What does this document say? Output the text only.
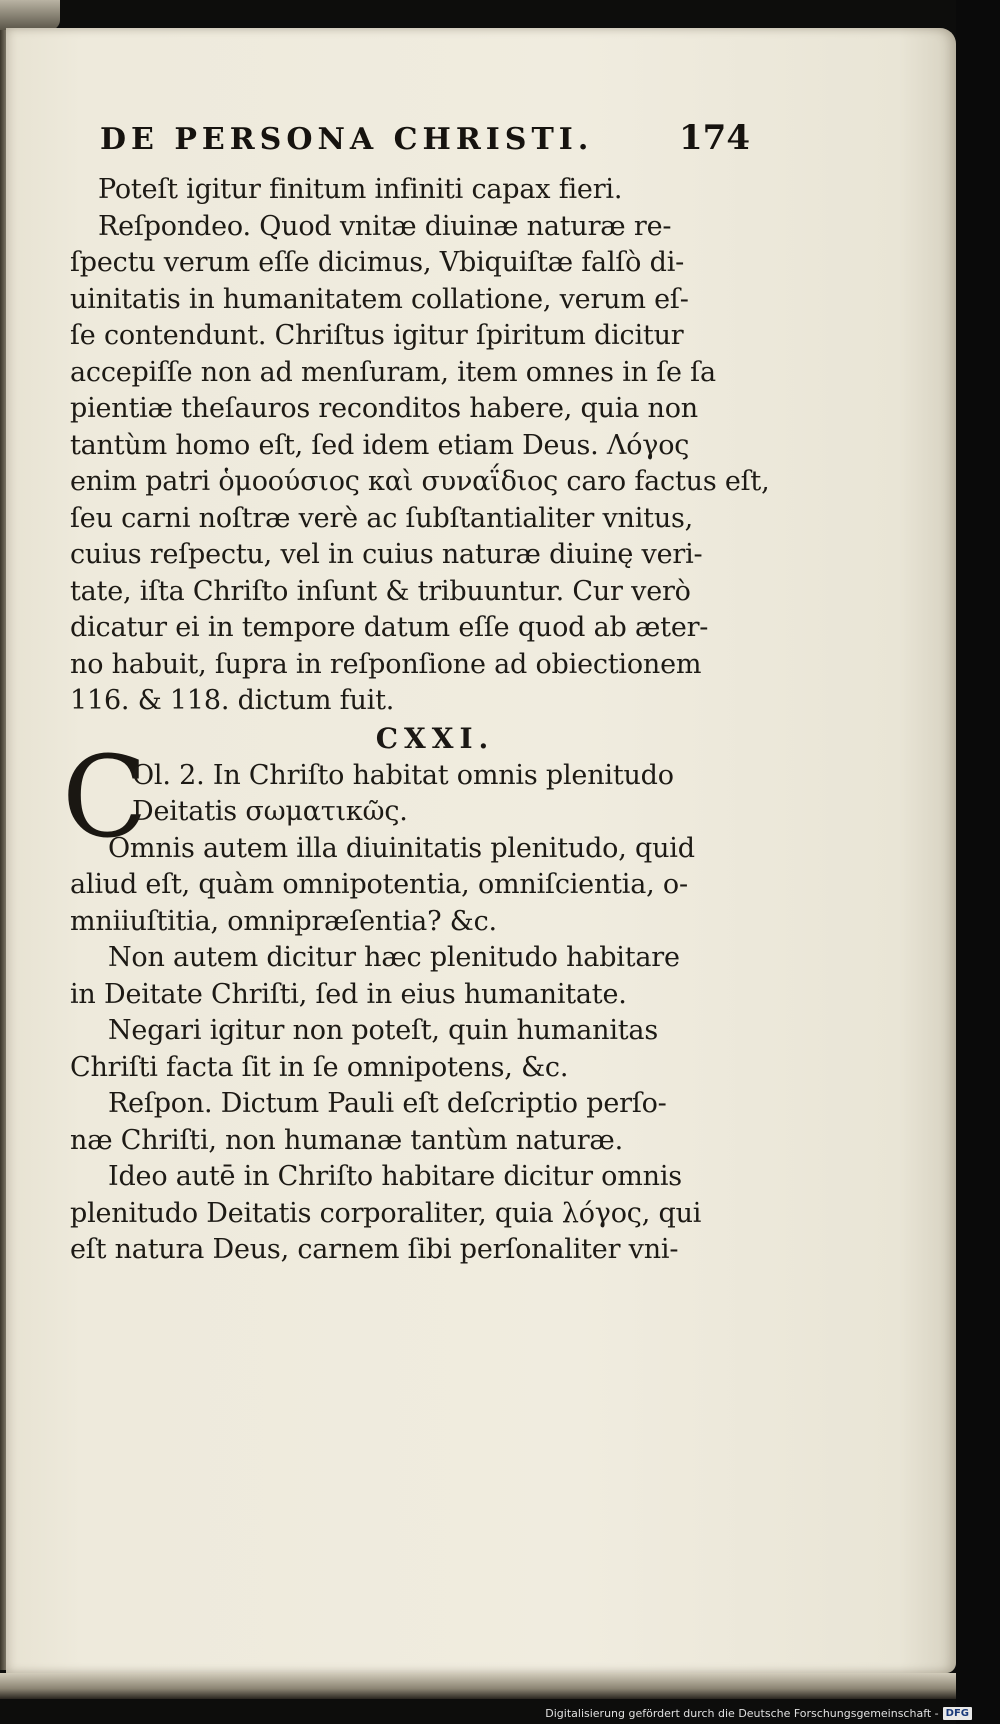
DE PERSONA CHRISTI.	174
Poteſt igitur finitum infiniti capax fieri.
Reſpondeo. Quod vnitæ diuinæ naturæ re-
ſpectu verum eſſe dicimus, Vbiquiſtæ falſò di-
uinitatis in humanitatem collatione, verum eſ-
ſe contendunt. Chriſtus igitur ſpiritum dicitur
accepiſſe non ad menſuram, item omnes in ſe ſa
pientiæ theſauros reconditos habere, quia non
tantùm homo eſt, ſed idem etiam Deus. Λόγος
enim patri ὁμοούσιος καὶ συναΐδιος caro factus eſt,
ſeu carni noſtræ verè ac ſubſtantialiter vnitus,
cuius reſpectu, vel in cuius naturæ diuinę veri-
tate, iſta Chriſto inſunt & tribuuntur. Cur verò
dicatur ei in tempore datum eſſe quod ab æter-
no habuit, ſupra in reſponſione ad obiectionem
116. & 118. dictum fuit.
CXXI.
C
Ol. 2. In Chriſto habitat omnis plenitudo
Deitatis σωματικῶς.
Omnis autem illa diuinitatis plenitudo, quid
aliud eſt, quàm omnipotentia, omniſcientia, o-
mniiuſtitia, omnipræſentia? &c.
Non autem dicitur hæc plenitudo habitare
in Deitate Chriſti, ſed in eius humanitate.
Negari igitur non poteſt, quin humanitas
Chriſti facta ſit in ſe omnipotens, &c.
Reſpon. Dictum Pauli eſt deſcriptio perſo-
næ Chriſti, non humanæ tantùm naturæ.
Ideo autē in Chriſto habitare dicitur omnis
plenitudo Deitatis corporaliter, quia λόγος, qui
eſt natura Deus, carnem ſibi perſonaliter vni-
Digitalisierung gefördert durch die Deutsche Forschungsgemeinschaft - DFG
